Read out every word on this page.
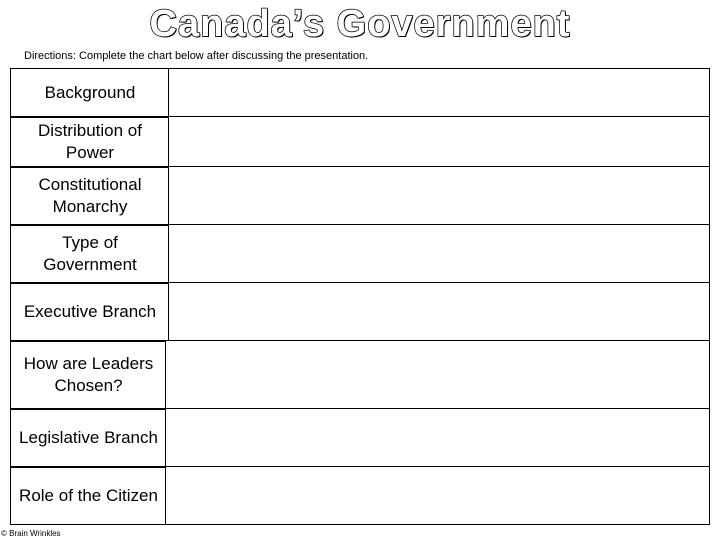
Canada’s Government
Directions: Complete the chart below after discussing the presentation.
Background
Distribution of Power
Constitutional Monarchy
Type of Government
Executive Branch
How are Leaders Chosen?
Legislative Branch
Role of the Citizen
© Brain Wrinkles
